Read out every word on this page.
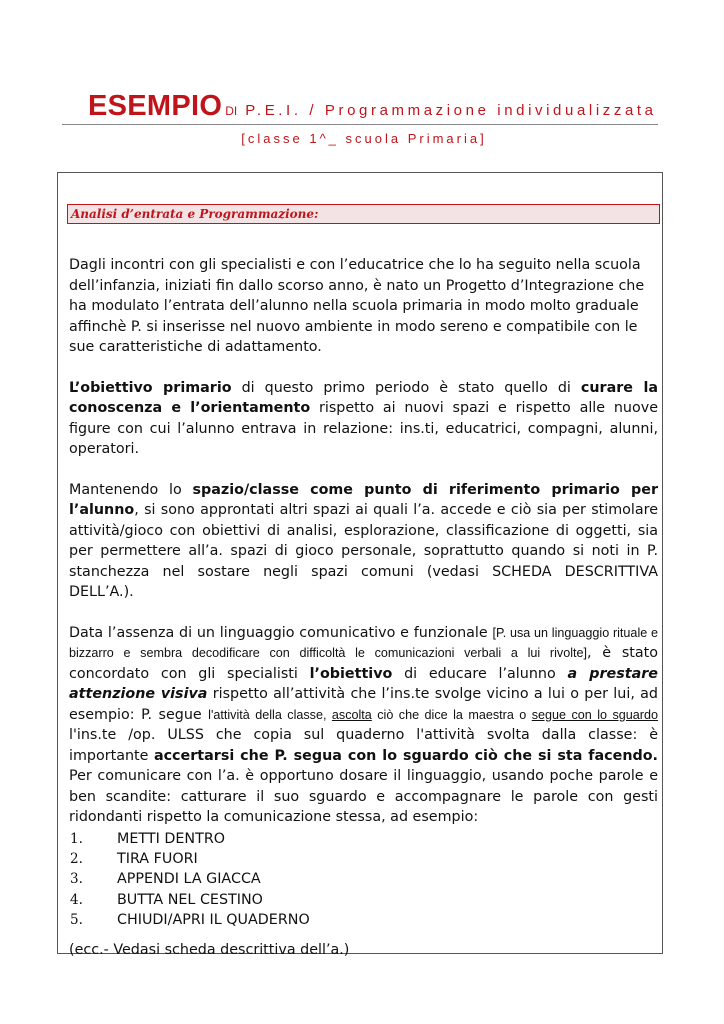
ESEMPIO DI P.E.I. / Programmazione individualizzata
[classe 1^_ scuola Primaria]
Analisi d’entrata e Programmazione:

Dagli incontri con gli specialisti e con l’educatrice che lo ha seguito nella scuola dell’infanzia, iniziati fin dallo scorso anno, è nato un Progetto d’Integrazione che ha modulato l’entrata dell’alunno nella scuola primaria in modo molto graduale affinchè P. si inserisse nel nuovo ambiente in modo sereno e compatibile con le sue caratteristiche di adattamento.

L’obiettivo primario di questo primo periodo è stato quello di curare la conoscenza e l’orientamento rispetto ai nuovi spazi e rispetto alle nuove figure con cui l’alunno entrava in relazione: ins.ti, educatrici, compagni, alunni, operatori.

Mantenendo lo spazio/classe come punto di riferimento primario per l’alunno, si sono approntati altri spazi ai quali l’a. accede e ciò sia per stimolare attività/gioco con obiettivi di analisi, esplorazione, classificazione di oggetti, sia per permettere all’a. spazi di gioco personale, soprattutto quando si noti in P. stanchezza nel sostare negli spazi comuni (vedasi SCHEDA DESCRITTIVA DELL’A.).

Data l’assenza di un linguaggio comunicativo e funzionale [P. usa un linguaggio rituale e bizzarro e sembra decodificare con difficoltà le comunicazioni verbali a lui rivolte], è stato concordato con gli specialisti l’obiettivo di educare l’alunno a prestare attenzione visiva rispetto all’attività che l’ins.te svolge vicino a lui o per lui, ad esempio: P. segue l'attività della classe, ascolta ciò che dice la maestra o segue con lo sguardo l'ins.te /op. ULSS che copia sul quaderno l'attività svolta dalla classe: è importante accertarsi che P. segua con lo sguardo ciò che si sta facendo. Per comunicare con l’a. è opportuno dosare il linguaggio, usando poche parole e ben scandite: catturare il suo sguardo e accompagnare le parole con gesti ridondanti rispetto la comunicazione stessa, ad esempio:

1. METTI DENTRO
2. TIRA FUORI
3. APPENDI LA GIACCA
4. BUTTA NEL CESTINO
5. CHIUDI/APRI IL QUADERNO

(ecc.- Vedasi scheda descrittiva dell’a.)
